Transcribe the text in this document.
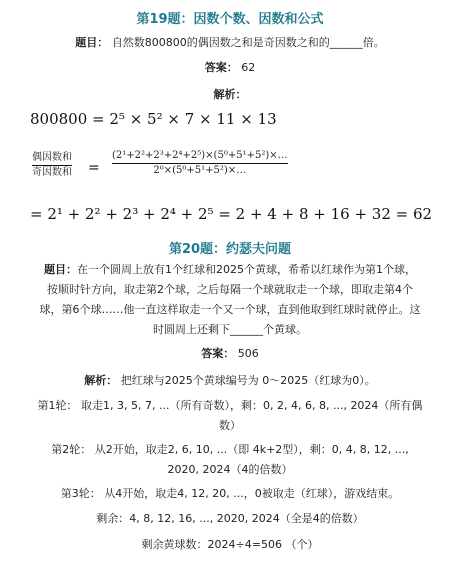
第19题：因数个数、因数和公式
题目： 自然数800800的偶因数之和是奇因数之和的______倍。
答案： 62
解析：
800800 = 2⁵ × 5² × 7 × 11 × 13
偶因数和
奇因数和 =
(2¹+2²+2³+2⁴+2⁵)×(5⁰+5¹+5²)×…
2⁰×(5⁰+5¹+5²)×…
= 2¹ + 2² + 2³ + 2⁴ + 2⁵ = 2 + 4 + 8 + 16 + 32 = 62
第20题：约瑟夫问题
题目：在一个圆周上放有1个红球和2025个黄球，希希以红球作为第1个球，
按顺时针方向，取走第2个球，之后每隔一个球就取走一个球，即取走第4个
球，第6个球……他一直这样取走一个又一个球，直到他取到红球时就停止。这
时圆周上还剩下______个黄球。
答案： 506
解析： 把红球与2025个黄球编号为 0～2025（红球为0）。
第1轮： 取走1, 3, 5, 7, ...（所有奇数），剩：0, 2, 4, 6, 8, ..., 2024（所有偶
数）
第2轮： 从2开始，取走2, 6, 10, ...（即 4k+2型），剩：0, 4, 8, 12, ...,
2020, 2024（4的倍数）
第3轮： 从4开始，取走4, 12, 20, ...，0被取走（红球），游戏结束。
剩余：4, 8, 12, 16, ..., 2020, 2024（全是4的倍数）
剩余黄球数：2024÷4=506 （个）
